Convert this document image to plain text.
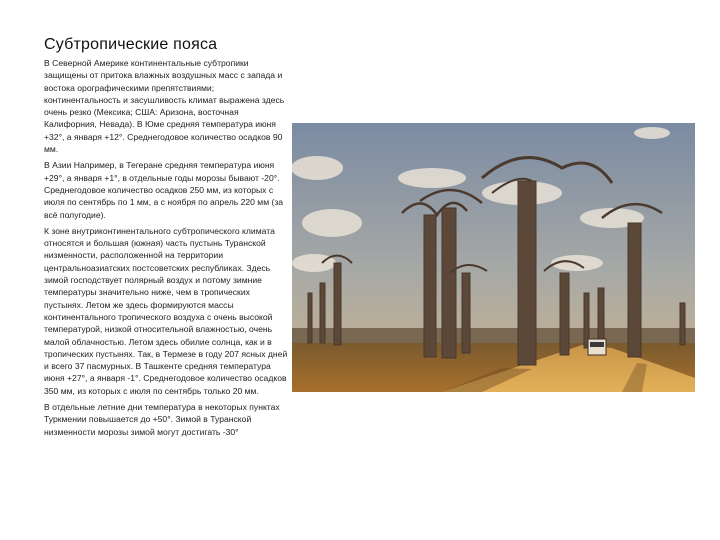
Субтропические пояса

В Северной Америке континентальные субтропики защищены от притока влажных воздушных масс с запада и востока орографическими препятствиями; континентальность и засушливость климат выражена здесь очень резко (Мексика; США: Аризона, восточная Калифорния, Невада). В Юме средняя температура июня +32°, а января +12°. Среднегодовое количество осадков 90 мм.

В Азии Например, в Тегеране средняя температура июня +29°, а января +1°, в отдельные годы морозы бывают -20°. Среднегодовое количество осадков 250 мм, из которых с июля по сентябрь по 1 мм, а с ноября по апрель 220 мм (за всё полугодие).

К зоне внутриконтинентального субтропического климата относятся и большая (южная) часть пустынь Туранской низменности, расположенной на территории центральноазиатских постсоветских республиках. Здесь зимой господствует полярный воздух и потому зимние температуры значительно ниже, чем в тропических пустынях. Летом же здесь формируются массы континентального тропического воздуха с очень высокой температурой, низкой относительной влажностью, очень малой облачностью. Летом здесь обилие солнца, как и в тропических пустынях. Так, в Термезе в году 207 ясных дней и всего 37 пасмурных. В Ташкенте средняя температура июня +27°, а января -1°. Среднегодовое количество осадков 350 мм, из которых с июля по сентябрь только 20 мм.

В отдельные летние дни температура в некоторых пунктах Туркмении повышается до +50°. Зимой в Туранской низменности морозы зимой могут достигать -30°
